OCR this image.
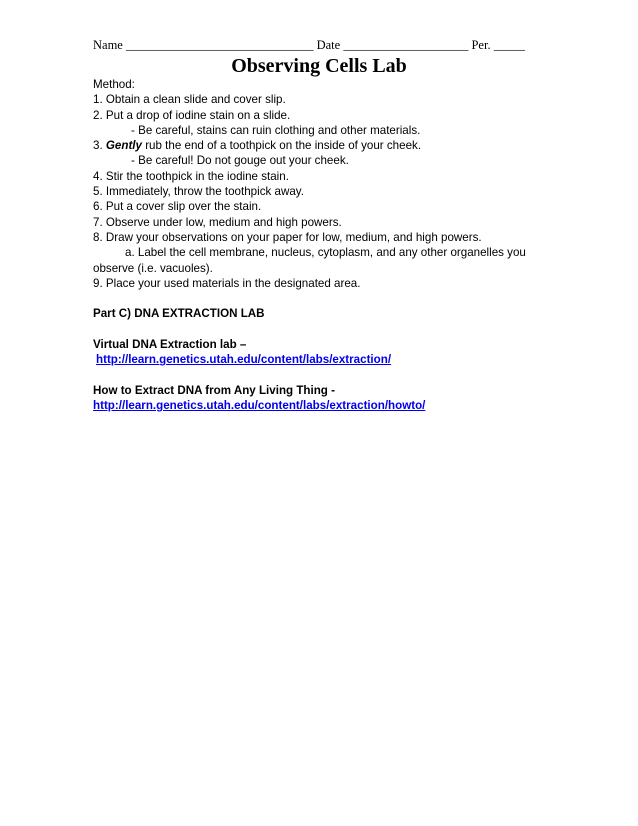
Name ______________________________ Date ____________________ Per. _____
Observing Cells Lab

Method:

1. Obtain a clean slide and cover slip.

2. Put a drop of iodine stain on a slide.

- Be careful, stains can ruin clothing and other materials.

3. Gently rub the end of a toothpick on the inside of your cheek.

- Be careful! Do not gouge out your cheek.

4. Stir the toothpick in the iodine stain.

5. Immediately, throw the toothpick away.

6. Put a cover slip over the stain.

7. Observe under low, medium and high powers.

8. Draw your observations on your paper for low, medium, and high powers.

a. Label the cell membrane, nucleus, cytoplasm, and any other organelles you

observe (i.e. vacuoles).

9. Place your used materials in the designated area.

Part C) DNA EXTRACTION LAB

Virtual DNA Extraction lab –

http://learn.genetics.utah.edu/content/labs/extraction/

How to Extract DNA from Any Living Thing -

http://learn.genetics.utah.edu/content/labs/extraction/howto/
